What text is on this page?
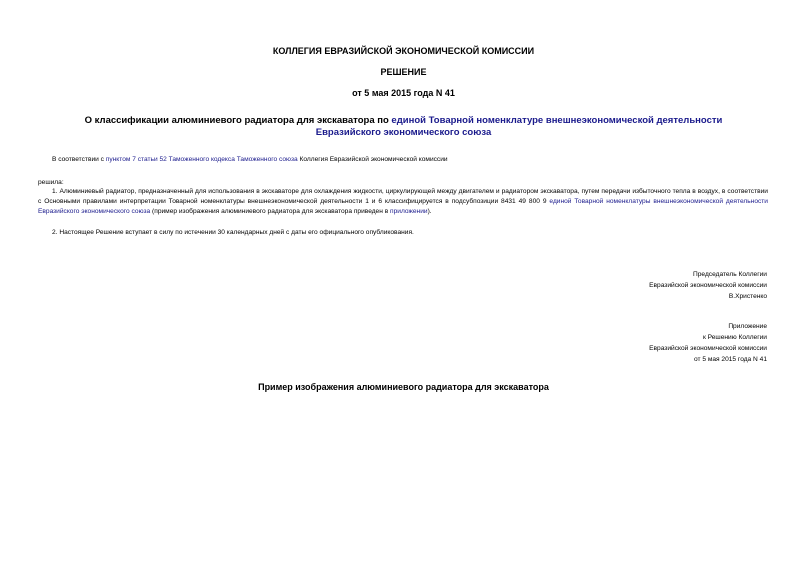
КОЛЛЕГИЯ ЕВРАЗИЙСКОЙ ЭКОНОМИЧЕСКОЙ КОМИССИИ
РЕШЕНИЕ
от 5 мая 2015 года N 41
О классификации алюминиевого радиатора для экскаватора по единой Товарной номенклатуре внешнеэкономической деятельности Евразийского экономического союза
В соответствии с пунктом 7 статьи 52 Таможенного кодекса Таможенного союза Коллегия Евразийской экономической комиссии
решила:
1. Алюминиевый радиатор, предназначенный для использования в экскаваторе для охлаждения жидкости, циркулирующей между двигателем и радиатором экскаватора, путем передачи избыточного тепла в воздух, в соответствии с Основными правилами интерпретации Товарной номенклатуры внешнеэкономической деятельности 1 и 6 классифицируется в подсубпозиции 8431 49 800 9 единой Товарной номенклатуры внешнеэкономической деятельности Евразийского экономического союза (пример изображения алюминиевого радиатора для экскаватора приведен в приложении).
2. Настоящее Решение вступает в силу по истечении 30 календарных дней с даты его официального опубликования.
Председатель Коллегии
Евразийской экономической комиссии
В.Христенко
Приложение
к Решению Коллегии
Евразийской экономической комиссии
от 5 мая 2015 года N 41
Пример изображения алюминиевого радиатора для экскаватора
